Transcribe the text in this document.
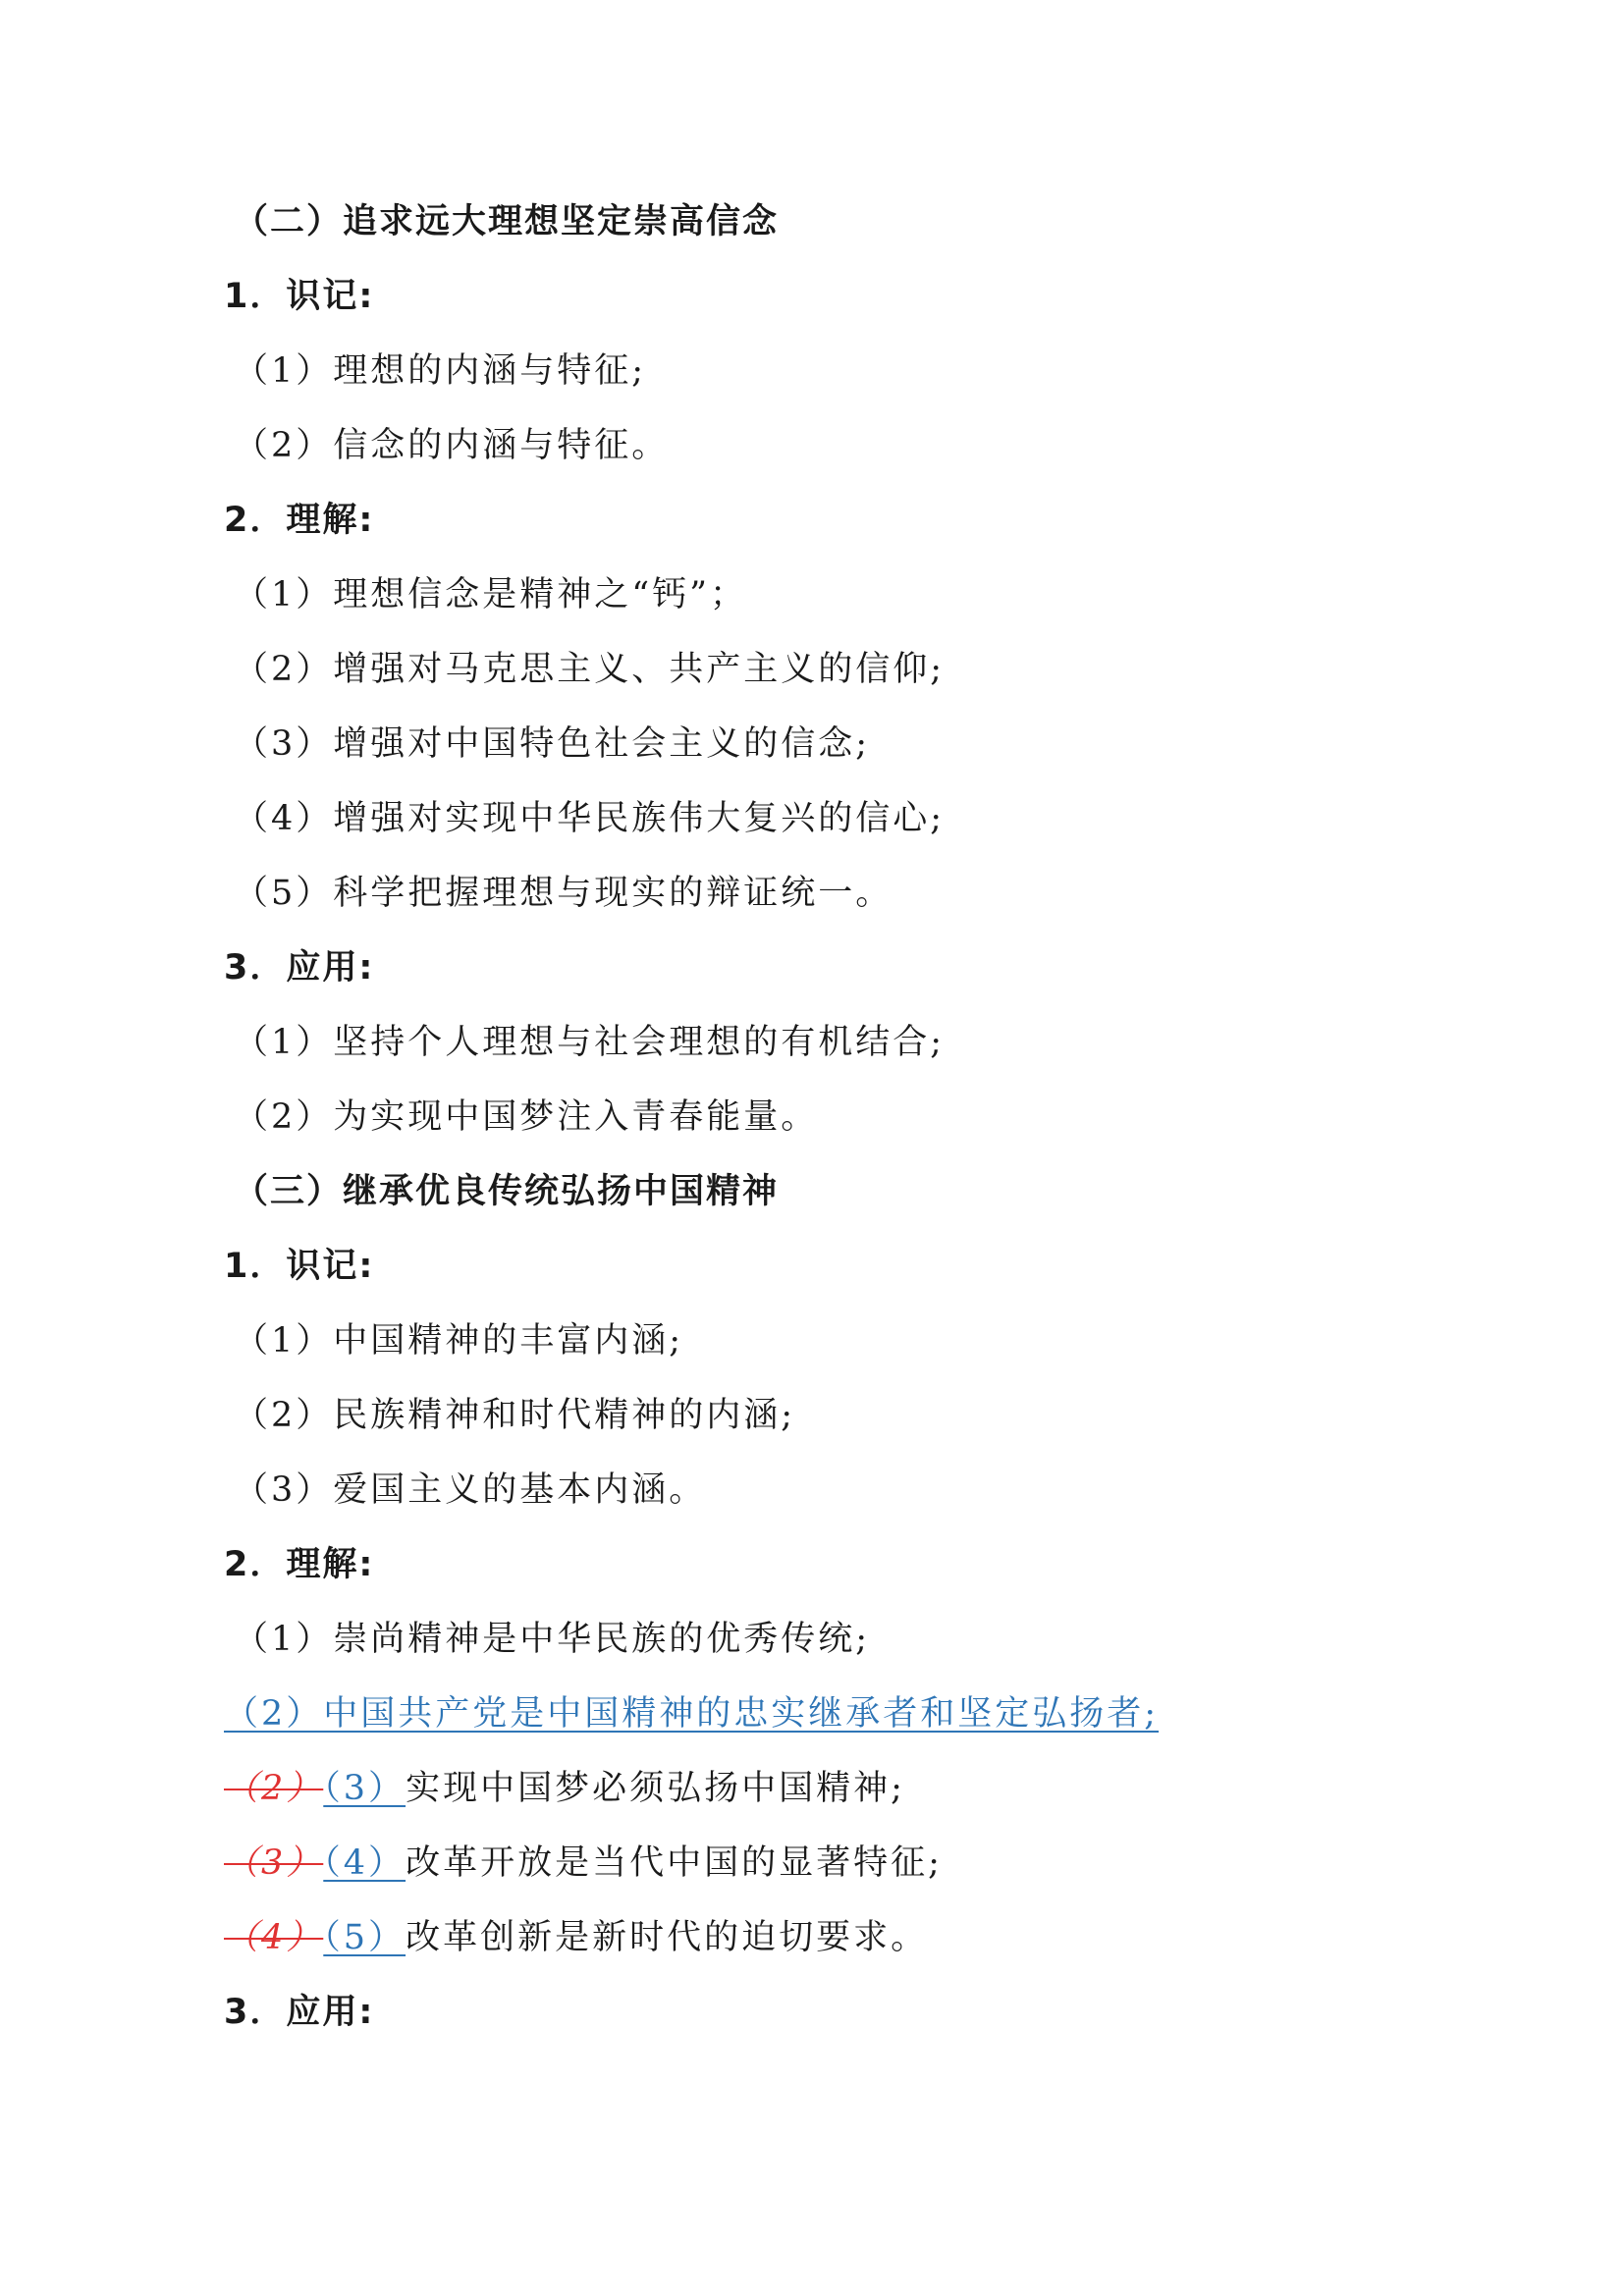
（二）追求远大理想坚定崇高信念
1．识记:
（1）理想的内涵与特征;
（2）信念的内涵与特征。
2．理解:
（1）理想信念是精神之“钙”；
（2）增强对马克思主义、共产主义的信仰;
（3）增强对中国特色社会主义的信念;
（4）增强对实现中华民族伟大复兴的信心;
（5）科学把握理想与现实的辩证统一。
3．应用:
（1）坚持个人理想与社会理想的有机结合;
（2）为实现中国梦注入青春能量。
（三）继承优良传统弘扬中国精神
1．识记:
（1）中国精神的丰富内涵;
（2）民族精神和时代精神的内涵;
（3）爱国主义的基本内涵。
2．理解:
（1）崇尚精神是中华民族的优秀传统;
（2）中国共产党是中国精神的忠实继承者和坚定弘扬者;
（2）（3）实现中国梦必须弘扬中国精神;
（3）（4）改革开放是当代中国的显著特征;
（4）（5）改革创新是新时代的迫切要求。
3．应用:
